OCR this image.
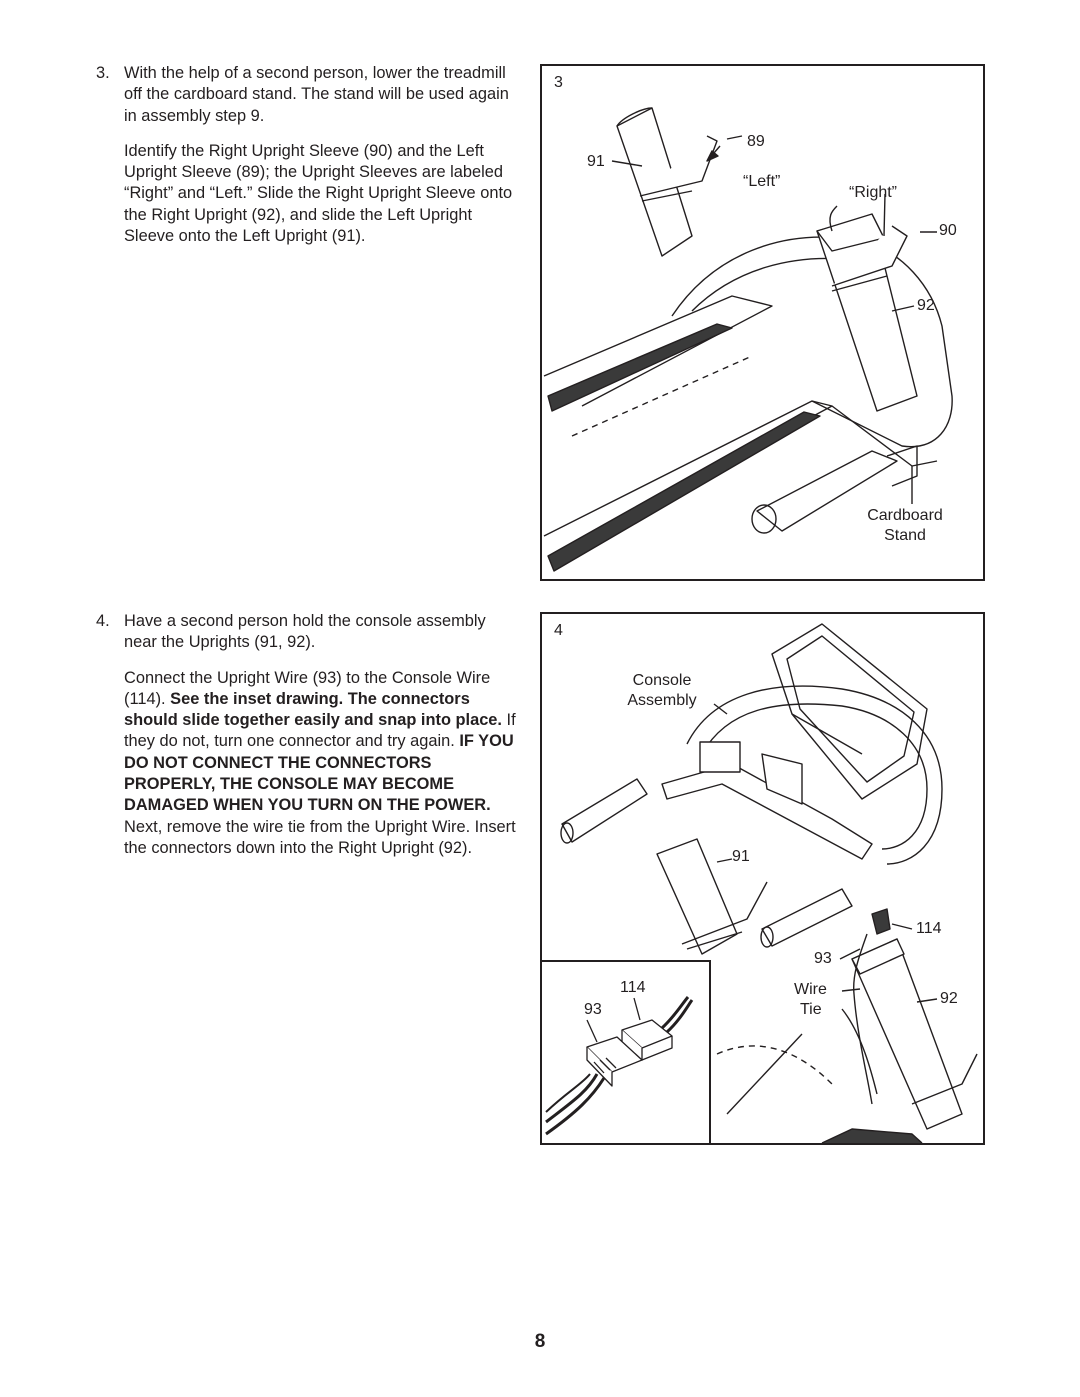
3. With the help of a second person, lower the treadmill off the cardboard stand. The stand will be used again in assembly step 9.

Identify the Right Upright Sleeve (90) and the Left Upright Sleeve (89); the Upright Sleeves are labeled “Right” and “Left.” Slide the Right Upright Sleeve onto the Right Upright (92), and slide the Left Upright Sleeve onto the Left Upright (91).

4. Have a second person hold the console assembly near the Uprights (91, 92).

Connect the Upright Wire (93) to the Console Wire (114). See the inset drawing. The connectors should slide together easily and snap into place. If they do not, turn one connector and try again. IF YOU DO NOT CONNECT THE CONNECTORS PROPERLY, THE CONSOLE MAY BECOME DAMAGED WHEN YOU TURN ON THE POWER. Next, remove the wire tie from the Upright Wire. Insert the connectors down into the Right Upright (92).

3
89
91
“Left”
“Right”
90
92
Cardboard
Stand
4
Console
Assembly
91
114
93
Wire
Tie
92
114
93
8
